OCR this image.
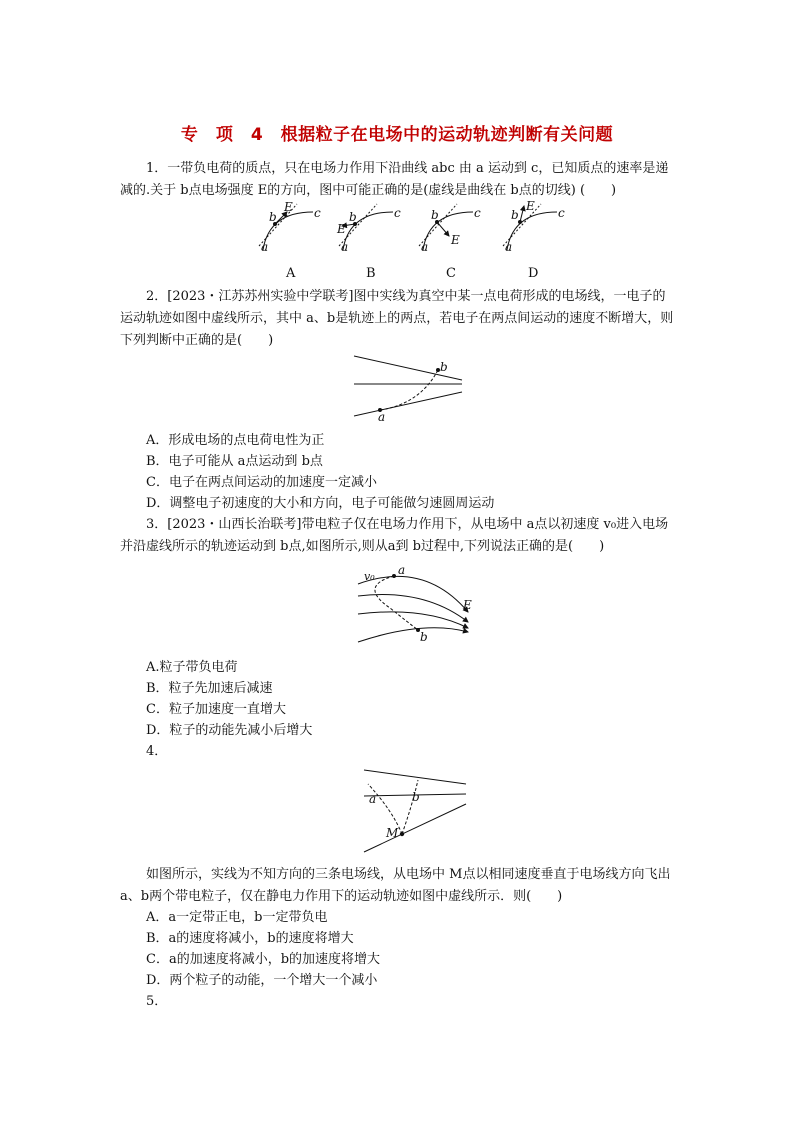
专　项　4　根据粒子在电场中的运动轨迹判断有关问题

1．一带负电荷的质点，只在电场力作用下沿曲线 abc 由 a 运动到 c，已知质点的速率是递减的.关于 b点电场强度 E的方向，图中可能正确的是(虚线是曲线在 b点的切线) (　　)

b
E c
a
E
b	c
a
b	c
E
a
b
E c
a
A	B	C	D

2．[2023・江苏苏州实验中学联考]图中实线为真空中某一点电荷形成的电场线，一电子的运动轨迹如图中虚线所示，其中 a、b是轨迹上的两点，若电子在两点间运动的速度不断增大，则下列判断中正确的是(　　)

b
a
A．形成电场的点电荷电性为正
B．电子可能从 a点运动到 b点
C．电子在两点间运动的加速度一定减小
D．调整电子初速度的大小和方向，电子可能做匀速圆周运动

3．[2023・山西长治联考]带电粒子仅在电场力作用下，从电场中 a点以初速度 v₀进入电场并沿虚线所示的轨迹运动到 b点,如图所示,则从a到 b过程中,下列说法正确的是(　　)

a
v₀
E
b
A.粒子带负电荷
B．粒子先加速后减速
C．粒子加速度一直增大
D．粒子的动能先减小后增大
4．
a	b
M

如图所示，实线为不知方向的三条电场线，从电场中 M点以相同速度垂直于电场线方向飞出 a、b两个带电粒子，仅在静电力作用下的运动轨迹如图中虚线所示．则(　　)

A．a一定带正电，b一定带负电
B．a的速度将减小，b的速度将增大
C．a的加速度将减小，b的加速度将增大
D．两个粒子的动能，一个增大一个减小
5．
